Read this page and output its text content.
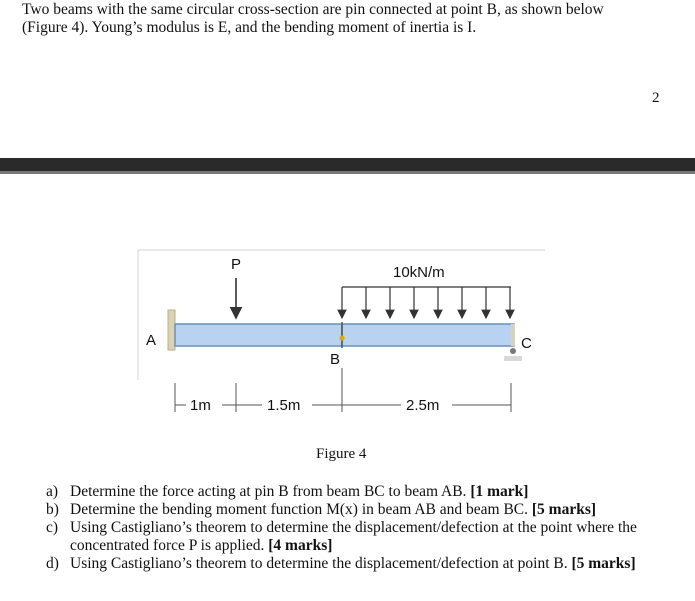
Two beams with the same circular cross-section are pin connected at point B, as shown below
(Figure 4). Young’s modulus is E, and the bending moment of inertia is I.
2
P	10kN/m
A
B
C
1m	1.5m	2.5m
Figure 4
a) Determine the force acting at pin B from beam BC to beam AB. [1 mark]
b) Determine the bending moment function M(x) in beam AB and beam BC. [5 marks]
c) Using Castigliano’s theorem to determine the displacement/defection at the point where the concentrated force P is applied. [4 marks]
d) Using Castigliano’s theorem to determine the displacement/defection at point B. [5 marks]
